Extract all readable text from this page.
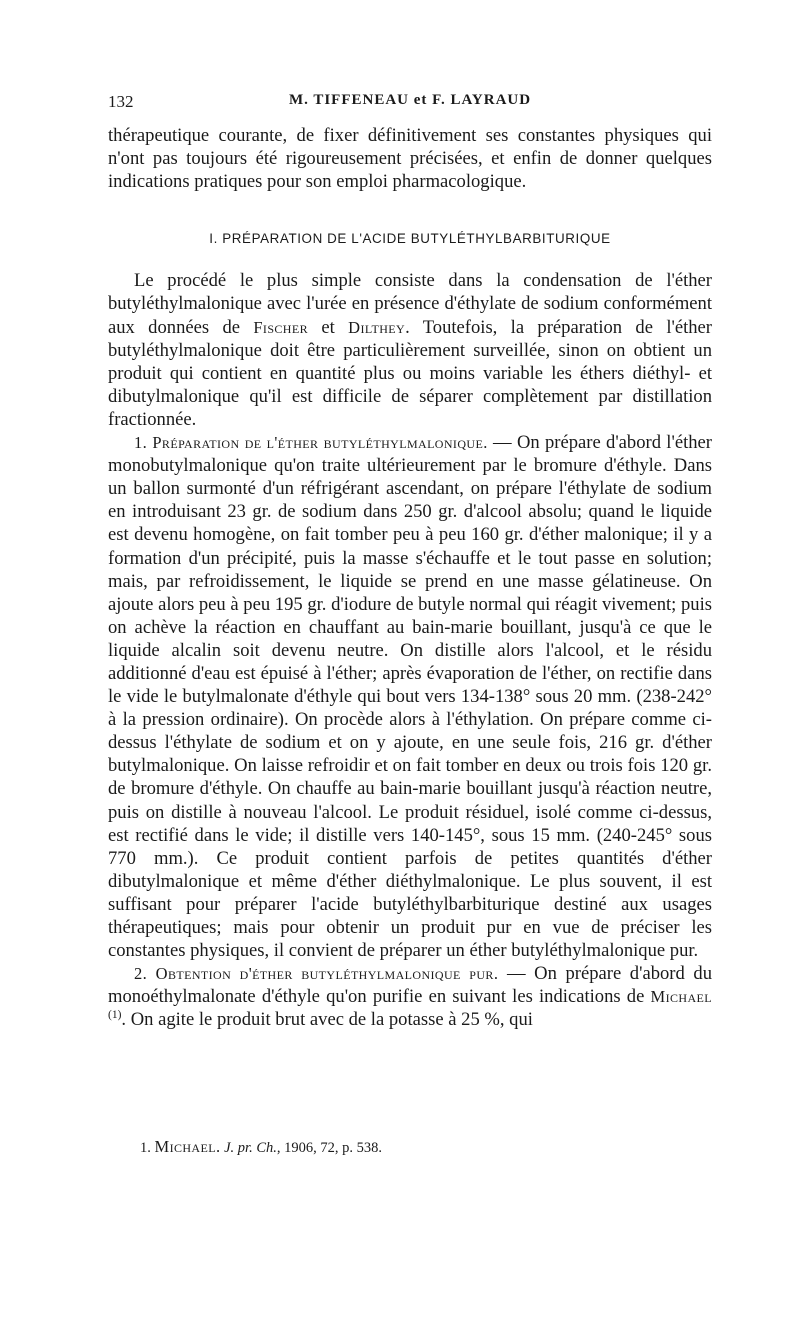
132	M. TIFFENEAU et F. LAYRAUD

thérapeutique courante, de fixer définitivement ses constantes physiques qui n'ont pas toujours été rigoureusement précisées, et enfin de donner quelques indications pratiques pour son emploi pharmacologique.

I. PRÉPARATION DE L'ACIDE BUTYLÉTHYLBARBITURIQUE

Le procédé le plus simple consiste dans la condensation de l'éther butyléthylmalonique avec l'urée en présence d'éthylate de sodium conformément aux données de Fischer et Dilthey. Toutefois, la préparation de l'éther butyléthylmalonique doit être particulièrement surveillée, sinon on obtient un produit qui contient en quantité plus ou moins variable les éthers diéthyl- et dibutylmalonique qu'il est difficile de séparer complètement par distillation fractionnée.

1. Préparation de l'éther butyléthylmalonique. — On prépare d'abord l'éther monobutylmalonique qu'on traite ultérieurement par le bromure d'éthyle. Dans un ballon surmonté d'un réfrigérant ascendant, on prépare l'éthylate de sodium en introduisant 23 gr. de sodium dans 250 gr. d'alcool absolu; quand le liquide est devenu homogène, on fait tomber peu à peu 160 gr. d'éther malonique; il y a formation d'un précipité, puis la masse s'échauffe et le tout passe en solution; mais, par refroidissement, le liquide se prend en une masse gélatineuse. On ajoute alors peu à peu 195 gr. d'iodure de butyle normal qui réagit vivement; puis on achève la réaction en chauffant au bain-marie bouillant, jusqu'à ce que le liquide alcalin soit devenu neutre. On distille alors l'alcool, et le résidu additionné d'eau est épuisé à l'éther; après évaporation de l'éther, on rectifie dans le vide le butylmalonate d'éthyle qui bout vers 134-138° sous 20 mm. (238-242° à la pression ordinaire). On procède alors à l'éthylation. On prépare comme ci-dessus l'éthylate de sodium et on y ajoute, en une seule fois, 216 gr. d'éther butylmalonique. On laisse refroidir et on fait tomber en deux ou trois fois 120 gr. de bromure d'éthyle. On chauffe au bain-marie bouillant jusqu'à réaction neutre, puis on distille à nouveau l'alcool. Le produit résiduel, isolé comme ci-dessus, est rectifié dans le vide; il distille vers 140-145°, sous 15 mm. (240-245° sous 770 mm.). Ce produit contient parfois de petites quantités d'éther dibutylmalonique et même d'éther diéthylmalonique. Le plus souvent, il est suffisant pour préparer l'acide butyléthylbarbiturique destiné aux usages thérapeutiques; mais pour obtenir un produit pur en vue de préciser les constantes physiques, il convient de préparer un éther butyléthylmalonique pur.

2. Obtention d'éther butyléthylmalonique pur. — On prépare d'abord du monoéthylmalonate d'éthyle qu'on purifie en suivant les indications de Michael $^{(1)}$. On agite le produit brut avec de la potasse à 25 %, qui

1. Michael. J. pr. Ch., 1906, 72, p. 538.
